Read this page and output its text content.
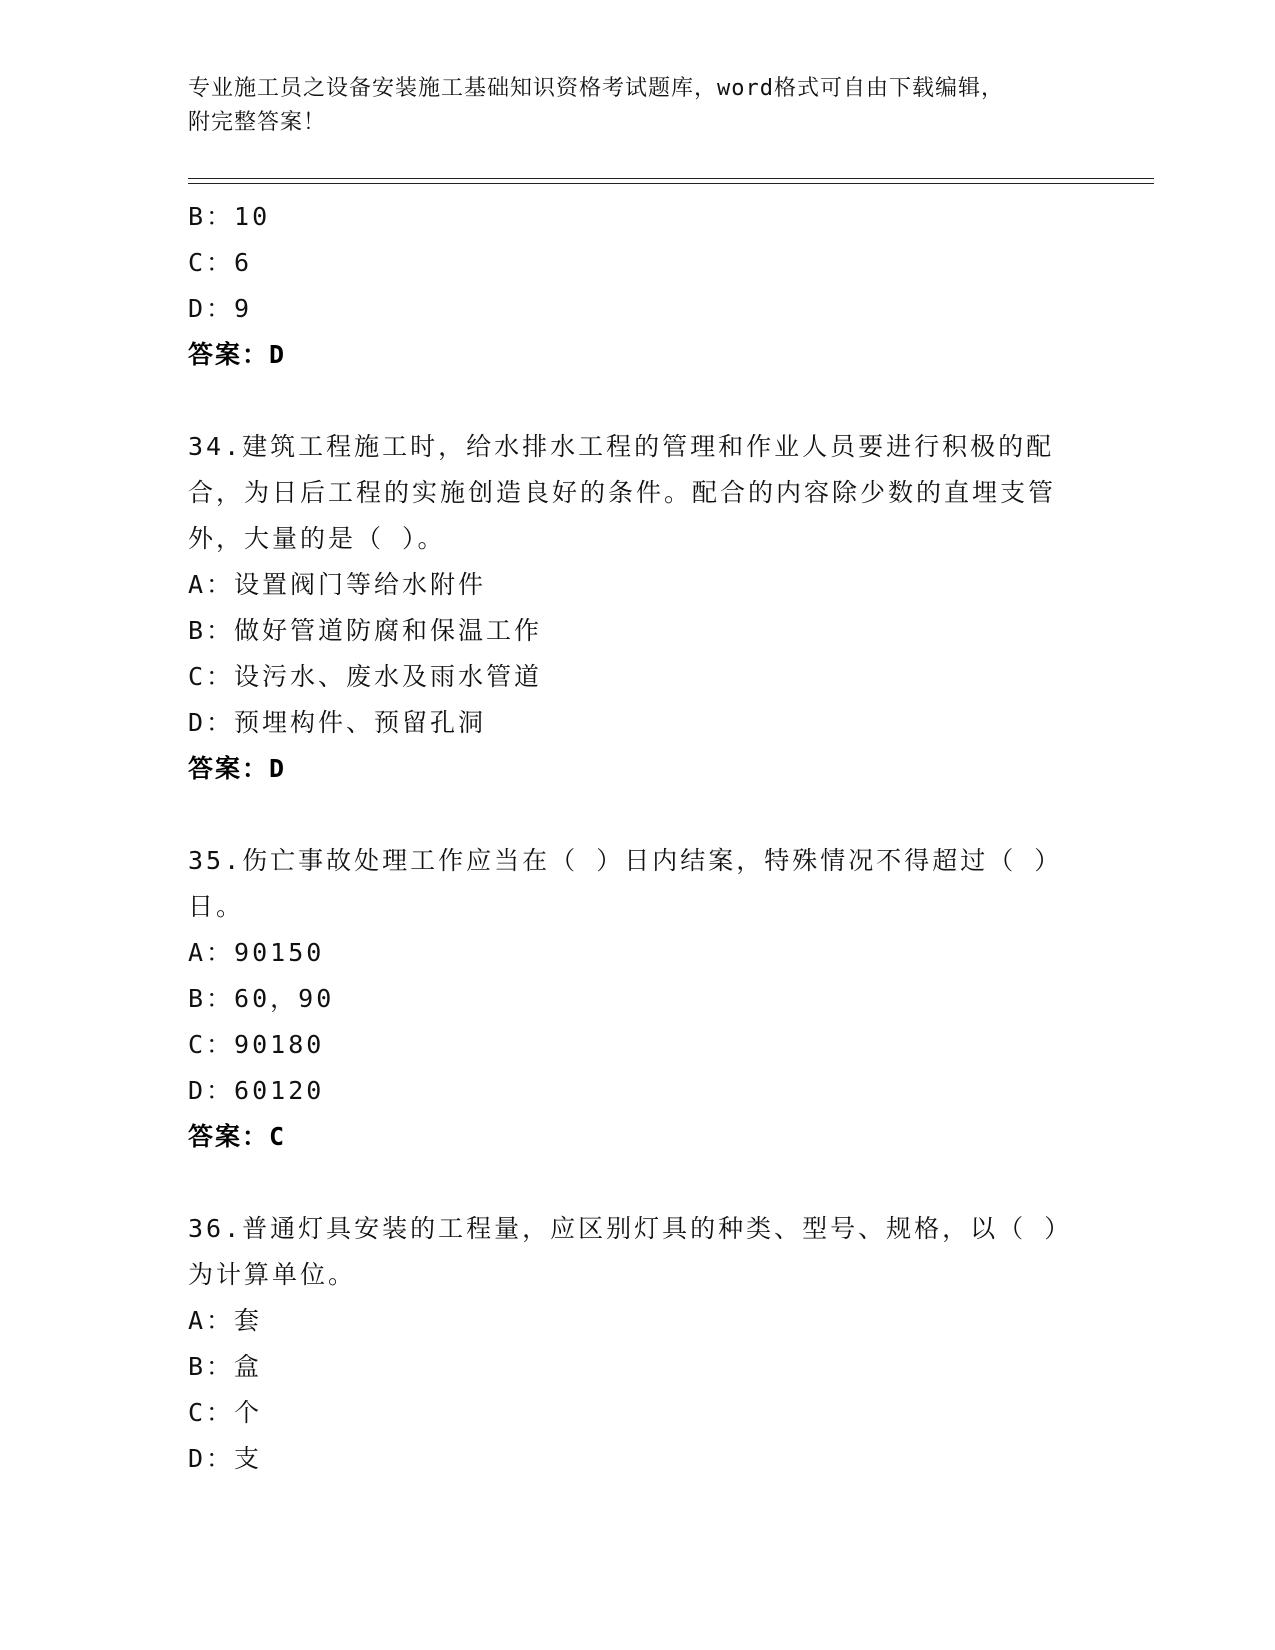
专业施工员之设备安装施工基础知识资格考试题库，word格式可自由下载编辑，
附完整答案！
B：10
C：6
D：9
答案：D
34.建筑工程施工时，给水排水工程的管理和作业人员要进行积极的配合，为日后工程的实施创造良好的条件。配合的内容除少数的直埋支管外，大量的是（ ）。
A：设置阀门等给水附件
B：做好管道防腐和保温工作
C：设污水、废水及雨水管道
D：预埋构件、预留孔洞
答案：D
35.伤亡事故处理工作应当在（ ）日内结案，特殊情况不得超过（ ）日。
A：90150
B：60，90
C：90180
D：60120
答案：C
36.普通灯具安装的工程量，应区别灯具的种类、型号、规格，以（ ）为计算单位。
A：套
B：盒
C：个
D：支
